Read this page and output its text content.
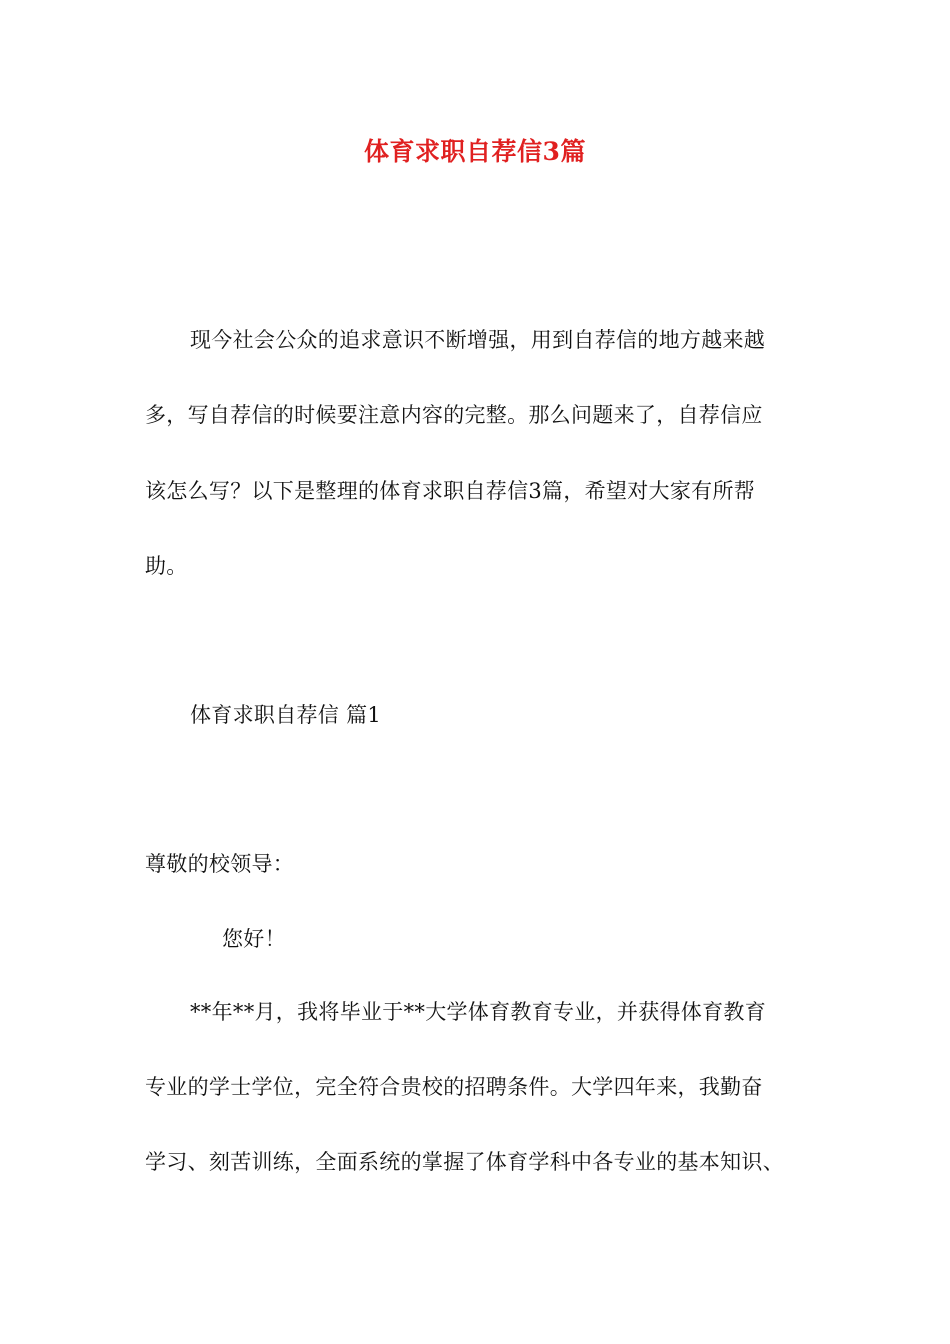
体育求职自荐信3篇
现今社会公众的追求意识不断增强，用到自荐信的地方越来越
多，写自荐信的时候要注意内容的完整。那么问题来了，自荐信应
该怎么写？以下是整理的体育求职自荐信3篇，希望对大家有所帮
助。
体育求职自荐信 篇1
尊敬的校领导：
您好！
**年**月，我将毕业于**大学体育教育专业，并获得体育教育
专业的学士学位，完全符合贵校的招聘条件。大学四年来，我勤奋
学习、刻苦训练，全面系统的掌握了体育学科中各专业的基本知识、
